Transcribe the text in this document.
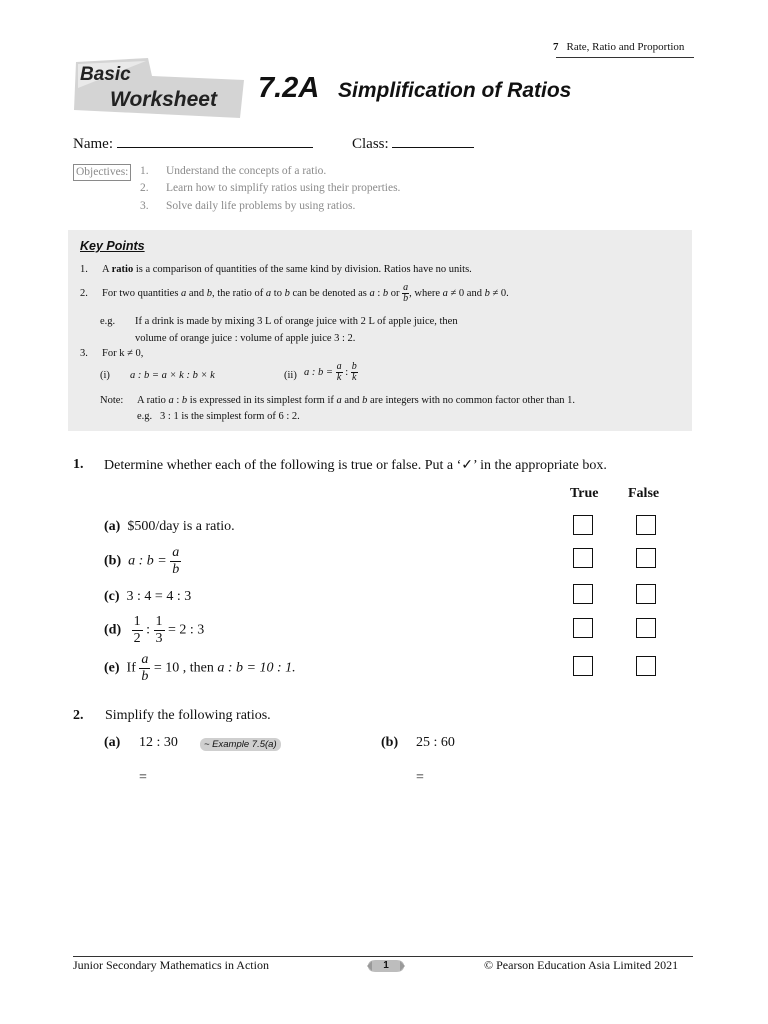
7 Rate, Ratio and Proportion
Basic
Worksheet 7.2A Simplification of Ratios
Name:	Class:
Objectives: 1. Understand the concepts of a ratio.
2. Learn how to simplify ratios using their properties.
3. Solve daily life problems by using ratios.
Key Points
1. A ratio is a comparison of quantities of the same kind by division. Ratios have no units.
2. For two quantities a and b, the ratio of a to b can be denoted as a : b or $\frac{a}{b}$ , where a ≠ 0 and b ≠ 0.
e.g. If a drink is made by mixing 3 L of orange juice with 2 L of apple juice, then
volume of orange juice : volume of apple juice 3 : 2.
3. For k ≠ 0,
(i) a : b = a × k : b × k	(ii) a : $b = \frac{a}{k}$ : $\frac{b}{k}$
Note: A ratio a : b is expressed in its simplest form if a and b are integers with no common factor other than 1.
e.g. 3 : 1 is the simplest form of 6 : 2.
1. Determine whether each of the following is true or false. Put a ‘✓’ in the appropriate box.
True False
(a) $500/day is a ratio.
(b) a : $b = \frac{a}{b}$
(c) 3 : 4 = 4 : 3
$(d) \frac{1}{2}$ : $\frac{1}{3} = 2$ : 3
(e) If $\frac{a}{b} = 10$ , then a : b = 10 : 1.
2. Simplify the following ratios.
(a) 12 : 30	~ Example 7.5(a)
=
(b) 25 : 60
=
Junior Secondary Mathematics in Action	1	© Pearson Education Asia Limited 2021
